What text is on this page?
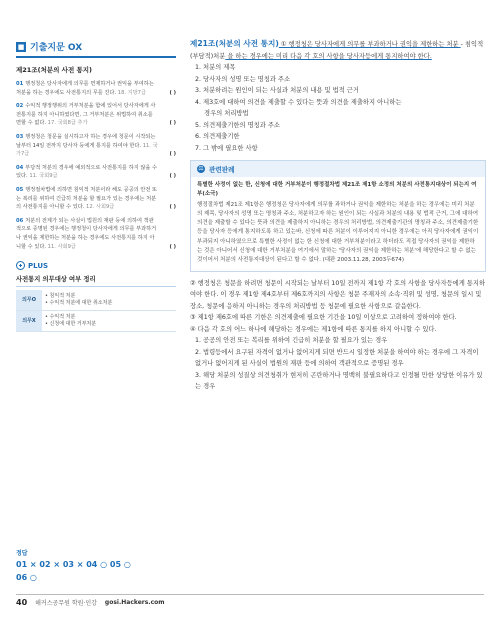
■ 기출지문 OX
제21조(처분의 사전 통지)
01 행정청은 당사자에게 의무를 면제하거나 권익을 부여하는 처분을 하는 경우에도 사전통지의 무를 진다. 18. 지방7급	( )
02 수익적 행정행위의 거부처분을 함에 있어서 당사자에게 사전통지를 하지 아니하였다면, 그 거부처분은 위법하여 취소를 면할 수 없다. 17. 국회8급 추가	( )
03 행정청은 청문을 실시하고자 하는 경우에 청문이 시작되는 날부터 14일 전까지 당사자 등에게 통지를 하여야 한다. 11. 국가7급	( )
04 부당적 처분의 경우에 예외적으로 사전통지를 하지 않을 수 있다. 11. 국회9급	( )
05 행정절차법에 의하면 침익적 처분이라 해도 공공의 안전 또는 복리를 위하여 긴급히 처분을 할 필요가 있는 경우에는 처분의 사전통지를 아니할 수 있다. 12. 사회9급	( )
06 처분의 전제가 되는 사실이 법원의 재판 등에 의하여 객관적으로 증명된 경우에는 행정청이 당사자에게 의무를 부과하거나 권익을 제한하는 처분을 하는 경우에도 사전통지를 하지 아니할 수 있다. 11. 사회9급	( )
PLUS
사전통지 의무대상 여부 정리
의무O	• 침익적 처분
• 수익적 처분에 대한 취소처분

의무X	• 수익적 처분
• 신청에 대한 거부처분
정답
01 × 02 × 03 × 04 ○ 05 ○
06 ○
제21조(처분의 사전 통지) ① 행정청은 당사자에게 의무를 부과하거나 권익을 제한하는 처분 - 침익적(부담적)처분 을 하는 경우에는 미리 다음 각 호의 사항을 당사자등에게 통지하여야 한다.
1. 처분의 제목
2. 당사자의 성명 또는 명칭과 주소
3. 처분하려는 원인이 되는 사실과 처분의 내용 및 법적 근거
4. 제3호에 대하여 의견을 제출할 수 있다는 뜻과 의견을 제출하지 아니하는
경우의 처리방법
5. 의견제출기한의 명칭과 주소
6. 의견제출기한
7. 그 밖에 필요한 사항
⚖ 관련판례
특별한 사정이 없는 한, 신청에 대한 거부처분이 행정절차법 제21조 제1항 소정의 처분의 사전통지대상이 되는지 여부(소극)
행정절차법 제21조 제1항은 행정청은 당사자에게 의무를 과하거나 권익을 제한하는 처분을 하는 경우에는 미리 처분의 제목, 당사자의 성명 또는 명칭과 주소, 처분하고자 하는 원인이 되는 사실과 처분의 내용 및 법적 근거, 그에 대하여 의견을 제출할 수 있다는 뜻과 의견을 제출하지 아니하는 경우의 처리방법, 의견제출기관의 명칭과 주소, 의견제출기한 등을 당사자 등에게 통지하도록 하고 있는바, 신청에 따른 처분이 이루어지지 아니한 경우에는 아직 당사자에게 권익이 부과되지 아니하였으므로 특별한 사정이 없는 한 신청에 대한 거부처분이라고 하더라도 직접 당사자의 권익을 제한하는 것은 아니어서 신청에 대한 거부처분을 여기에서 말하는 '당사자의 권익을 제한하는 처분'에 해당한다고 할 수 없는 것이어서 처분의 사전통지대상이 된다고 할 수 없다. (대판 2003.11.28, 2003두674)
② 행정청은 청문을 하려면 청문이 시작되는 날부터 10일 전까지 제1항 각 호의 사항을 당사자등에게 통지하여야 한다. 이 경우 제1항 제4호부터 제6호까지의 사항은 청문 주재자의 소속·직위 및 성명, 청문의 일시 및 장소, 청문에 응하지 아니하는 경우의 처리방법 등 청문에 필요한 사항으로 갈음한다.
③ 제1항 제6호에 따른 기한은 의견제출에 필요한 기간을 10일 이상으로 고려하여 정하여야 한다.
④ 다음 각 호의 어느 하나에 해당하는 경우에는 제1항에 따른 통지를 하지 아니할 수 있다.
1. 공공의 안전 또는 복리를 위하여 긴급히 처분을 할 필요가 있는 경우
2. 법령등에서 요구된 자격이 없거나 없어지게 되면 반드시 일정한 처분을 하여야 하는 경우에 그 자격이 없거나 없어지게 된 사실이 법원의 재판 등에 의하여 객관적으로 증명된 경우
3. 해당 처분의 성질상 의견청취가 현저히 곤란하거나 명백히 불필요하다고 인정될 만한 상당한 이유가 있는 경우
40 해커스공무원 학원·인강 gosi.Hackers.com
